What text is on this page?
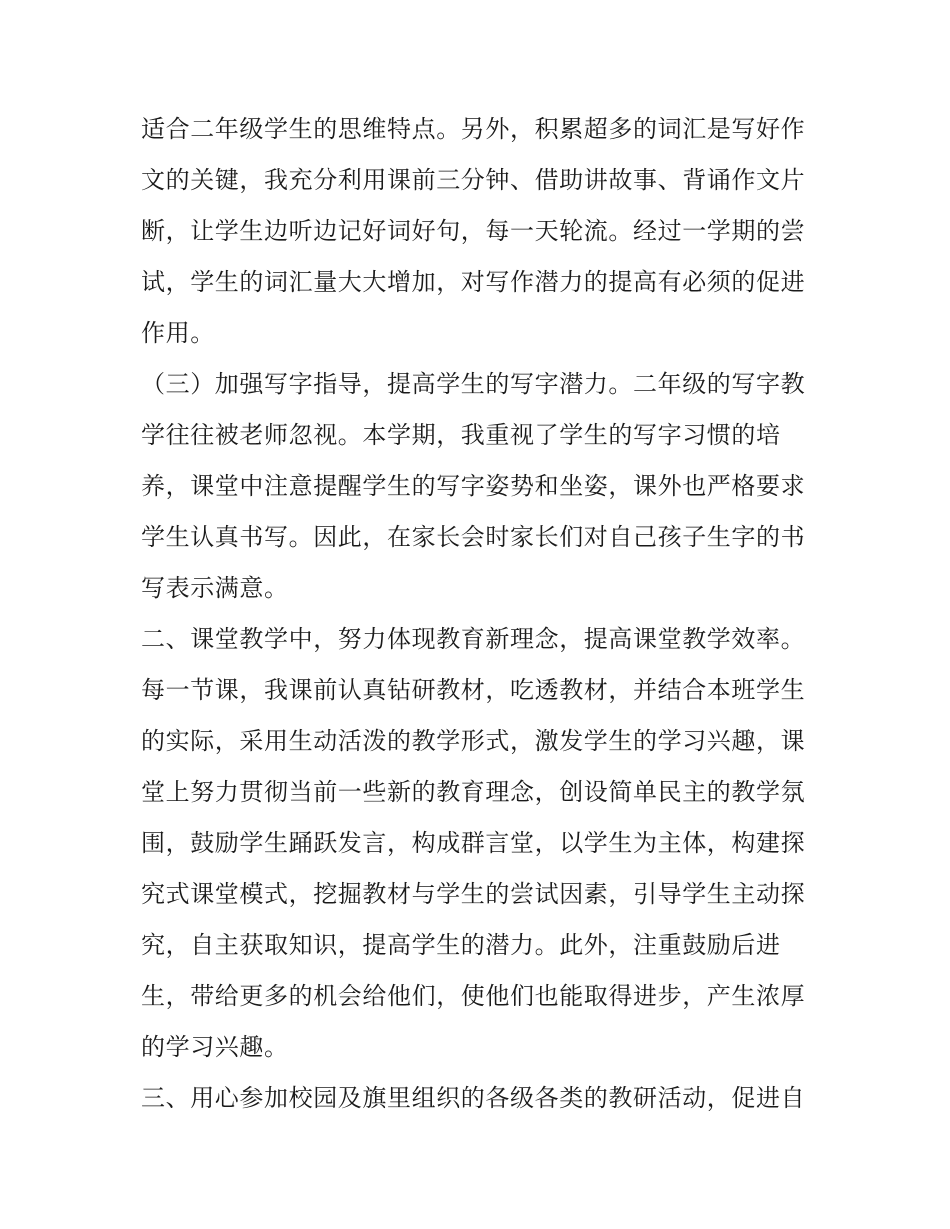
适合二年级学生的思维特点。另外，积累超多的词汇是写好作

文的关键，我充分利用课前三分钟、借助讲故事、背诵作文片

断，让学生边听边记好词好句，每一天轮流。经过一学期的尝

试，学生的词汇量大大增加，对写作潜力的提高有必须的促进

作用。

（三）加强写字指导，提高学生的写字潜力。二年级的写字教

学往往被老师忽视。本学期，我重视了学生的写字习惯的培

养，课堂中注意提醒学生的写字姿势和坐姿，课外也严格要求

学生认真书写。因此，在家长会时家长们对自己孩子生字的书

写表示满意。

二、课堂教学中，努力体现教育新理念，提高课堂教学效率。

每一节课，我课前认真钻研教材，吃透教材，并结合本班学生

的实际，采用生动活泼的教学形式，激发学生的学习兴趣，课

堂上努力贯彻当前一些新的教育理念，创设简单民主的教学氛

围，鼓励学生踊跃发言，构成群言堂，以学生为主体，构建探

究式课堂模式，挖掘教材与学生的尝试因素，引导学生主动探

究，自主获取知识，提高学生的潜力。此外，注重鼓励后进

生，带给更多的机会给他们，使他们也能取得进步，产生浓厚

的学习兴趣。

三、用心参加校园及旗里组织的各级各类的教研活动，促进自
